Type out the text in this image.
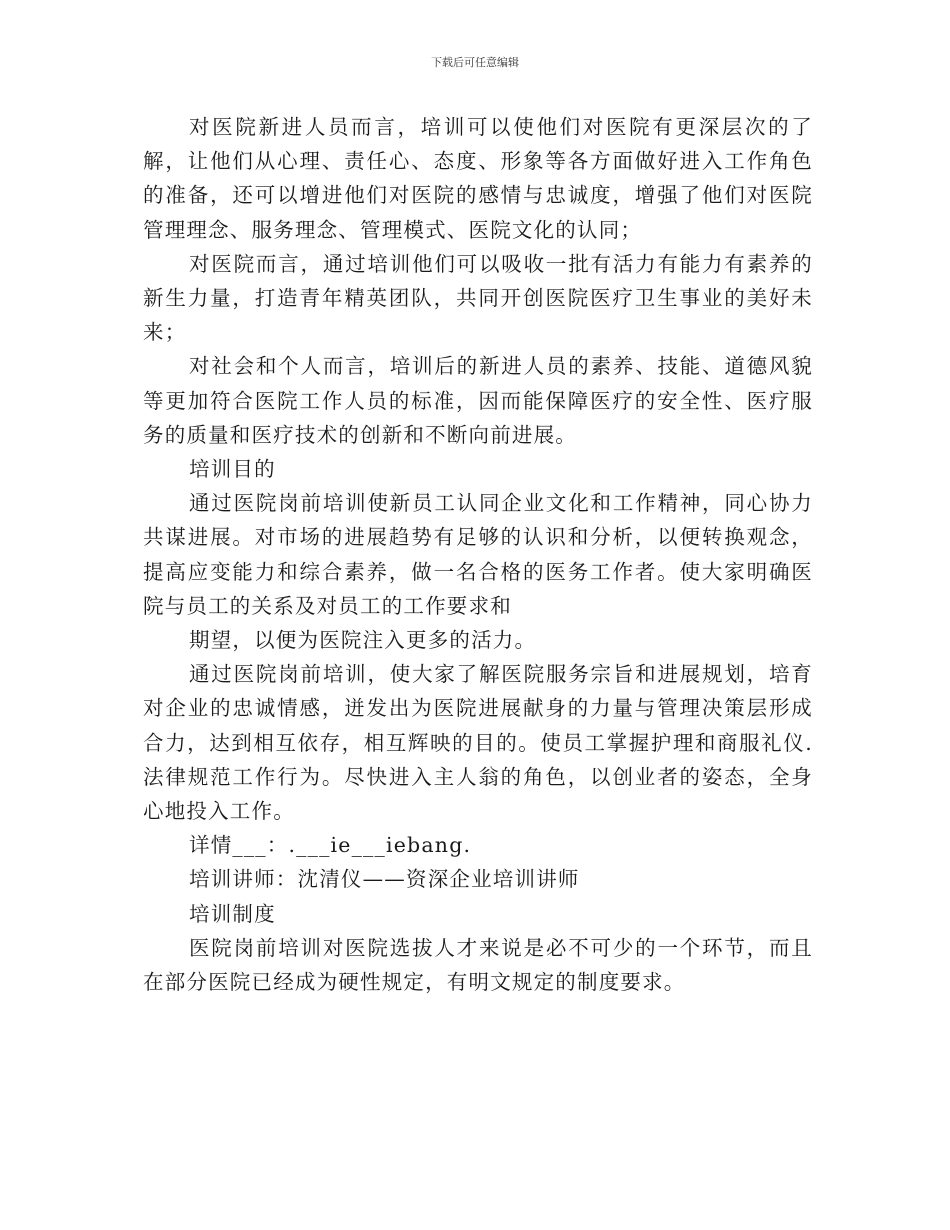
下载后可任意编辑

对医院新进人员而言，培训可以使他们对医院有更深层次的了解，让他们从心理、责任心、态度、形象等各方面做好进入工作角色的准备，还可以增进他们对医院的感情与忠诚度，增强了他们对医院管理理念、服务理念、管理模式、医院文化的认同；

对医院而言，通过培训他们可以吸收一批有活力有能力有素养的新生力量，打造青年精英团队，共同开创医院医疗卫生事业的美好未来；

对社会和个人而言，培训后的新进人员的素养、技能、道德风貌等更加符合医院工作人员的标准，因而能保障医疗的安全性、医疗服务的质量和医疗技术的创新和不断向前进展。

培训目的

通过医院岗前培训使新员工认同企业文化和工作精神，同心协力共谋进展。对市场的进展趋势有足够的认识和分析，以便转换观念，提高应变能力和综合素养，做一名合格的医务工作者。使大家明确医院与员工的关系及对员工的工作要求和

期望，以便为医院注入更多的活力。

通过医院岗前培训，使大家了解医院服务宗旨和进展规划，培育对企业的忠诚情感，迸发出为医院进展献身的力量与管理决策层形成合力，达到相互依存，相互辉映的目的。使员工掌握护理和商服礼仪.法律规范工作行为。尽快进入主人翁的角色，以创业者的姿态，全身心地投入工作。

详情___：.___ie___iebang.

培训讲师：沈清仪——资深企业培训讲师

培训制度

医院岗前培训对医院选拔人才来说是必不可少的一个环节，而且在部分医院已经成为硬性规定，有明文规定的制度要求。
